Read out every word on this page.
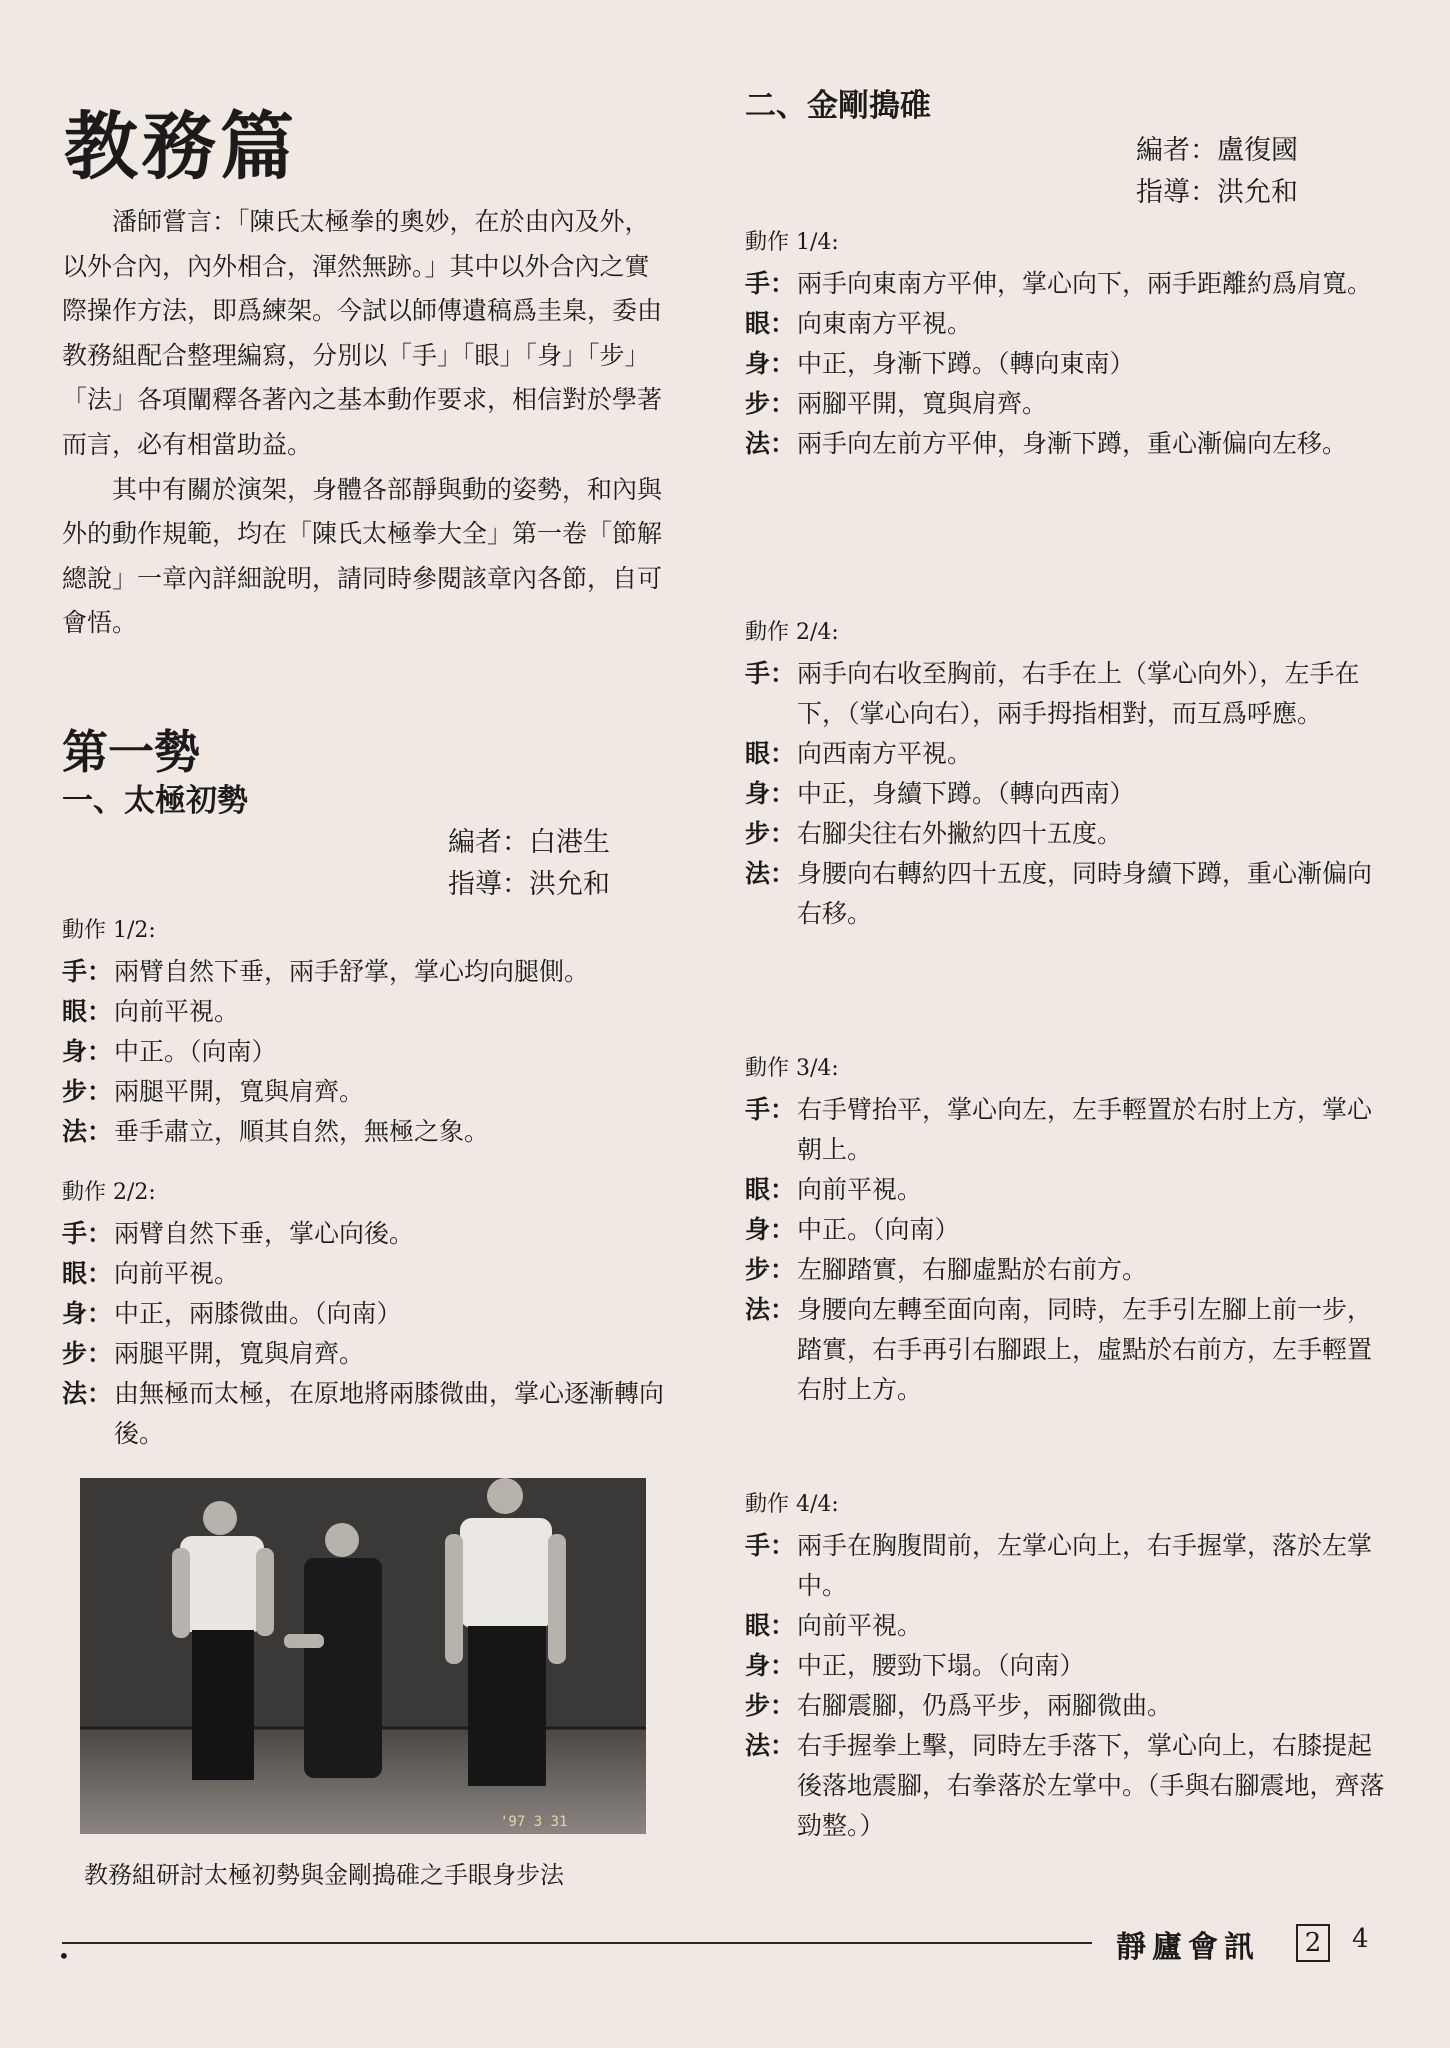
教務篇

潘師嘗言：「陳氏太極拳的奧妙，在於由內及外，以外合內，內外相合，渾然無跡。」其中以外合內之實際操作方法，即爲練架。今試以師傳遺稿爲圭臬，委由教務組配合整理編寫，分別以「手」「眼」「身」「步」「法」各項闡釋各著內之基本動作要求，相信對於學著而言，必有相當助益。

其中有關於演架，身體各部靜與動的姿勢，和內與外的動作規範，均在「陳氏太極拳大全」第一卷「節解總說」一章內詳細說明，請同時參閱該章內各節，自可會悟。

第一勢
一、太極初勢
編者：白港生
指導：洪允和
動作 1/2:
手： 兩臂自然下垂，兩手舒掌，掌心均向腿側。
眼： 向前平視。
身： 中正。（向南）
步： 兩腿平開，寬與肩齊。
法： 垂手肅立，順其自然，無極之象。
動作 2/2:
手： 兩臂自然下垂，掌心向後。
眼： 向前平視。
身： 中正，兩膝微曲。（向南）
步： 兩腿平開，寬與肩齊。
法： 由無極而太極，在原地將兩膝微曲，掌心逐漸轉向後。
'97 3 31
教務組研討太極初勢與金剛搗碓之手眼身步法
二、金剛搗碓
編者：盧復國
指導：洪允和
動作 1/4:
手： 兩手向東南方平伸，掌心向下，兩手距離約爲肩寬。
眼： 向東南方平視。
身： 中正，身漸下蹲。（轉向東南）
步： 兩腳平開，寬與肩齊。
法： 兩手向左前方平伸，身漸下蹲，重心漸偏向左移。
動作 2/4:
手： 兩手向右收至胸前，右手在上（掌心向外），左手在下，（掌心向右），兩手拇指相對，而互爲呼應。
眼： 向西南方平視。
身： 中正，身續下蹲。（轉向西南）
步： 右腳尖往右外撇約四十五度。
法： 身腰向右轉約四十五度，同時身續下蹲，重心漸偏向右移。
動作 3/4:
手： 右手臂抬平，掌心向左，左手輕置於右肘上方，掌心朝上。
眼： 向前平視。
身： 中正。（向南）
步： 左腳踏實，右腳虛點於右前方。
法： 身腰向左轉至面向南，同時，左手引左腳上前一步，踏實，右手再引右腳跟上，虛點於右前方，左手輕置右肘上方。
動作 4/4:
手： 兩手在胸腹間前，左掌心向上，右手握掌，落於左掌中。
眼： 向前平視。
身： 中正，腰勁下塌。（向南）
步： 右腳震腳，仍爲平步，兩腳微曲。
法： 右手握拳上擊，同時左手落下，掌心向上，右膝提起後落地震腳，右拳落於左掌中。（手與右腳震地，齊落勁整。）
•	靜廬會訊	2	4
